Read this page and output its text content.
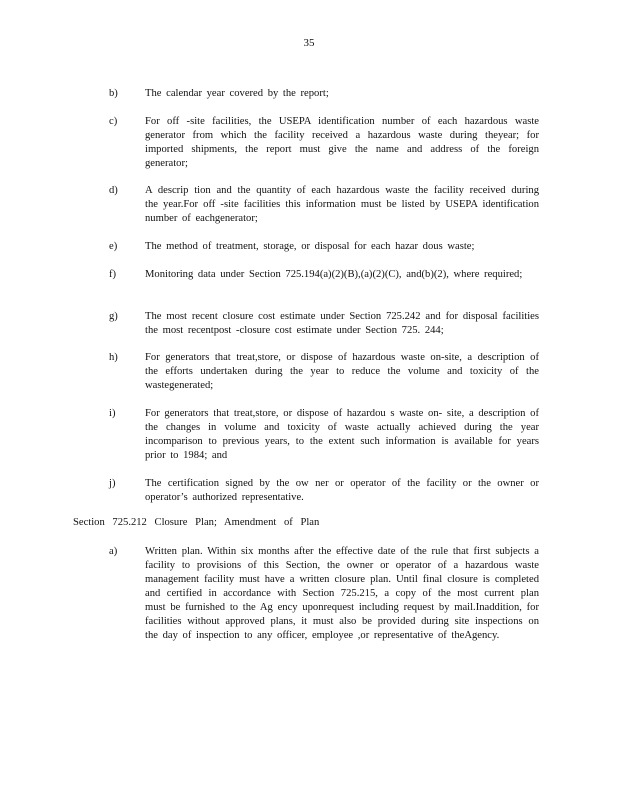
35
b)	The calendar year covered by the report;
c)	For off -site facilities, the USEPA identification number of each hazardous waste generator from which the facility received a hazardous waste during theyear; for imported shipments, the report must give the name and address of the foreign generator;
d)	A descrip tion and the quantity of each hazardous waste the facility received during the year.For off -site facilities this information must be listed by USEPA identification number of eachgenerator;
e)	The method of treatment, storage, or disposal for each hazar dous waste;
f)	Monitoring data under Section 725.194(a)(2)(B),(a)(2)(C), and(b)(2), where required;
g)	The most recent closure cost estimate under Section 725.242 and for disposal facilities the most recentpost -closure cost estimate under Section 725. 244;
h)	For generators that treat,store, or dispose of hazardous waste on-site, a description of the efforts undertaken during the year to reduce the volume and toxicity of the wastegenerated;
i)	For generators that treat,store, or dispose of hazardou s waste on- site, a description of the changes in volume and toxicity of waste actually achieved during the year incomparison to previous years, to the extent such information is available for years prior to 1984; and
j)	The certification signed by the ow ner or operator of the facility or the owner or operator’s authorized representative.
Section 725.212 Closure Plan; Amendment of Plan
a)	Written plan. Within six months after the effective date of the rule that first subjects a facility to provisions of this Section, the owner or operator of a hazardous waste management facility must have a written closure plan. Until final closure is completed and certified in accordance with Section 725.215, a copy of the most current plan must be furnished to the Ag ency uponrequest including request by mail.Inaddition, for facilities without approved plans, it must also be provided during site inspections on the day of inspection to any officer, employee ,or representative of theAgency.
